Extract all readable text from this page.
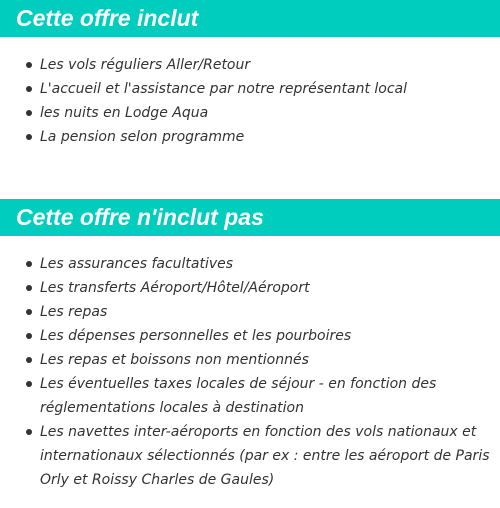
Cette offre inclut
Les vols réguliers Aller/Retour
L'accueil et l'assistance par notre représentant local
les nuits en Lodge Aqua
La pension selon programme
Cette offre n'inclut pas
Les assurances facultatives
Les transferts Aéroport/Hôtel/Aéroport
Les repas
Les dépenses personnelles et les pourboires
Les repas et boissons non mentionnés
Les éventuelles taxes locales de séjour - en fonction des réglementations locales à destination
Les navettes inter-aéroports en fonction des vols nationaux et internationaux sélectionnés (par ex : entre les aéroport de Paris Orly et Roissy Charles de Gaules)
